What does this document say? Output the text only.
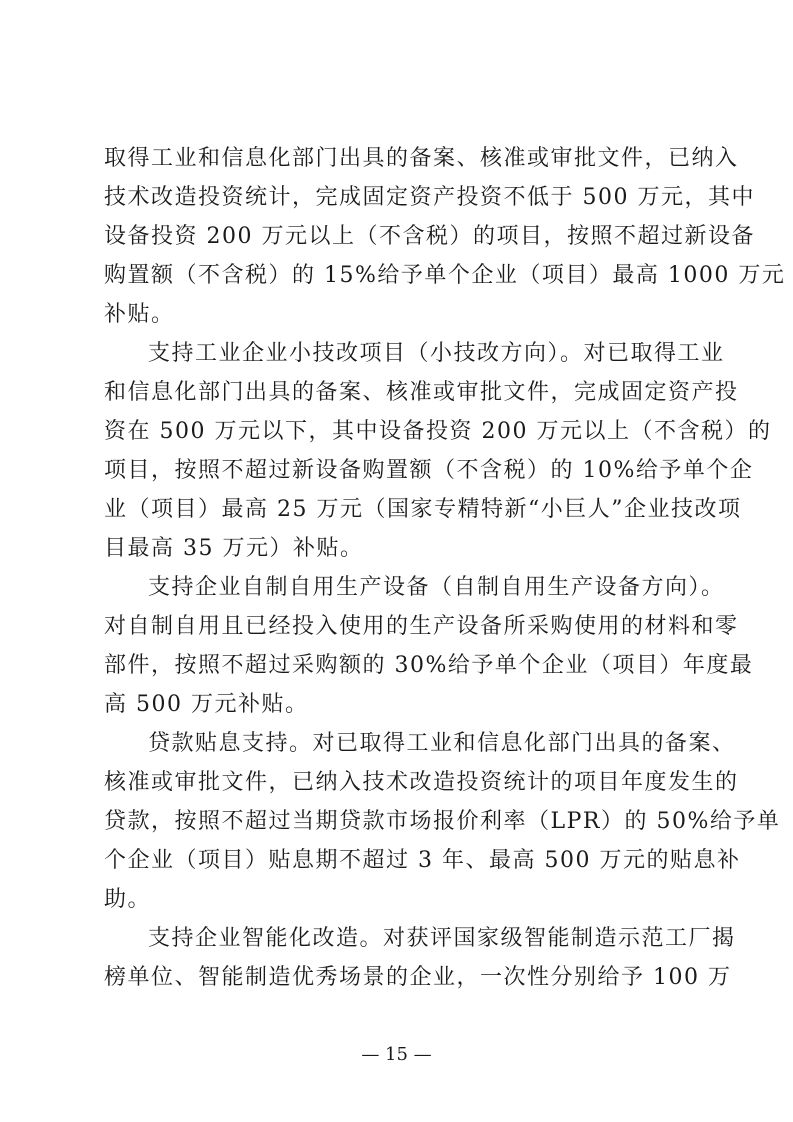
取得工业和信息化部门出具的备案、核准或审批文件，已纳入
技术改造投资统计，完成固定资产投资不低于 500 万元，其中
设备投资 200 万元以上（不含税）的项目，按照不超过新设备
购置额（不含税）的 15%给予单个企业（项目）最高 1000 万元
补贴。
支持工业企业小技改项目（小技改方向）。对已取得工业
和信息化部门出具的备案、核准或审批文件，完成固定资产投
资在 500 万元以下，其中设备投资 200 万元以上（不含税）的
项目，按照不超过新设备购置额（不含税）的 10%给予单个企
业（项目）最高 25 万元（国家专精特新“小巨人”企业技改项
目最高 35 万元）补贴。
支持企业自制自用生产设备（自制自用生产设备方向）。
对自制自用且已经投入使用的生产设备所采购使用的材料和零
部件，按照不超过采购额的 30%给予单个企业（项目）年度最
高 500 万元补贴。
贷款贴息支持。对已取得工业和信息化部门出具的备案、
核准或审批文件，已纳入技术改造投资统计的项目年度发生的
贷款，按照不超过当期贷款市场报价利率（LPR）的 50%给予单
个企业（项目）贴息期不超过 3 年、最高 500 万元的贴息补
助。
支持企业智能化改造。对获评国家级智能制造示范工厂揭
榜单位、智能制造优秀场景的企业，一次性分别给予 100 万
— 15 —
